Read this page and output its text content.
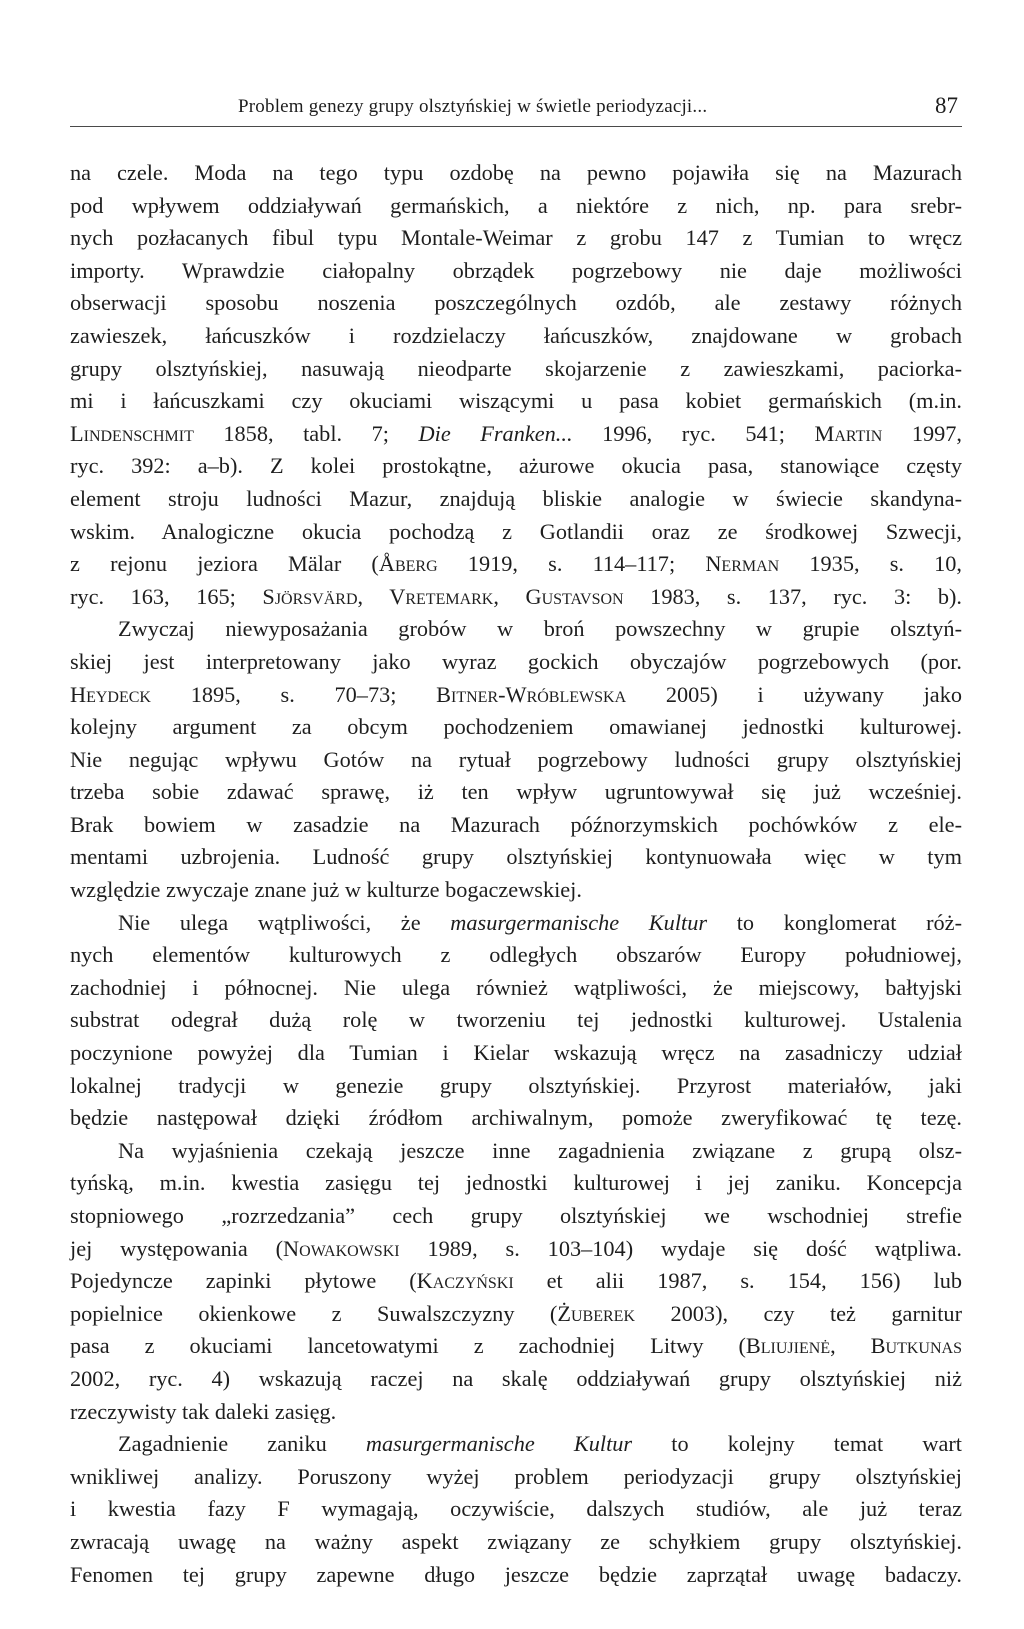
Problem genezy grupy olsztyńskiej w świetle periodyzacji...	87
na czele. Moda na tego typu ozdobę na pewno pojawiła się na Mazurach
pod wpływem oddziaływań germańskich, a niektóre z nich, np. para srebr-
nych pozłacanych fibul typu Montale-Weimar z grobu 147 z Tumian to wręcz
importy. Wprawdzie ciałopalny obrządek pogrzebowy nie daje możliwości
obserwacji sposobu noszenia poszczególnych ozdób, ale zestawy różnych
zawieszek, łańcuszków i rozdzielaczy łańcuszków, znajdowane w grobach
grupy olsztyńskiej, nasuwają nieodparte skojarzenie z zawieszkami, paciorka-
mi i łańcuszkami czy okuciami wiszącymi u pasa kobiet germańskich (m.in.
Lindenschmit 1858, tabl. 7; Die Franken... 1996, ryc. 541; Martin 1997,
ryc. 392: a–b). Z kolei prostokątne, ażurowe okucia pasa, stanowiące częsty
element stroju ludności Mazur, znajdują bliskie analogie w świecie skandyna-
wskim. Analogiczne okucia pochodzą z Gotlandii oraz ze środkowej Szwecji,
z rejonu jeziora Mälar (Åberg 1919, s. 114–117; Nerman 1935, s. 10,
ryc. 163, 165; Sjörsvärd, Vretemark, Gustavson 1983, s. 137, ryc. 3: b).
Zwyczaj niewyposażania grobów w broń powszechny w grupie olsztyń-
skiej jest interpretowany jako wyraz gockich obyczajów pogrzebowych (por.
Heydeck 1895, s. 70–73; Bitner-Wróblewska 2005) i używany jako
kolejny argument za obcym pochodzeniem omawianej jednostki kulturowej.
Nie negując wpływu Gotów na rytuał pogrzebowy ludności grupy olsztyńskiej
trzeba sobie zdawać sprawę, iż ten wpływ ugruntowywał się już wcześniej.
Brak bowiem w zasadzie na Mazurach późnorzymskich pochówków z ele-
mentami uzbrojenia. Ludność grupy olsztyńskiej kontynuowała więc w tym
względzie zwyczaje znane już w kulturze bogaczewskiej.
Nie ulega wątpliwości, że masurgermanische Kultur to konglomerat róż-
nych elementów kulturowych z odległych obszarów Europy południowej,
zachodniej i północnej. Nie ulega również wątpliwości, że miejscowy, bałtyjski
substrat odegrał dużą rolę w tworzeniu tej jednostki kulturowej. Ustalenia
poczynione powyżej dla Tumian i Kielar wskazują wręcz na zasadniczy udział
lokalnej tradycji w genezie grupy olsztyńskiej. Przyrost materiałów, jaki
będzie następował dzięki źródłom archiwalnym, pomoże zweryfikować tę tezę.
Na wyjaśnienia czekają jeszcze inne zagadnienia związane z grupą olsz-
tyńską, m.in. kwestia zasięgu tej jednostki kulturowej i jej zaniku. Koncepcja
stopniowego „rozrzedzania” cech grupy olsztyńskiej we wschodniej strefie
jej występowania (Nowakowski 1989, s. 103–104) wydaje się dość wątpliwa.
Pojedyncze zapinki płytowe (Kaczyński et alii 1987, s. 154, 156) lub
popielnice okienkowe z Suwalszczyzny (Żuberek 2003), czy też garnitur
pasa z okuciami lancetowatymi z zachodniej Litwy (Bliujienė, Butkunas
2002, ryc. 4) wskazują raczej na skalę oddziaływań grupy olsztyńskiej niż
rzeczywisty tak daleki zasięg.
Zagadnienie zaniku masurgermanische Kultur to kolejny temat wart
wnikliwej analizy. Poruszony wyżej problem periodyzacji grupy olsztyńskiej
i kwestia fazy F wymagają, oczywiście, dalszych studiów, ale już teraz
zwracają uwagę na ważny aspekt związany ze schyłkiem grupy olsztyńskiej.
Fenomen tej grupy zapewne długo jeszcze będzie zaprzątał uwagę badaczy.
